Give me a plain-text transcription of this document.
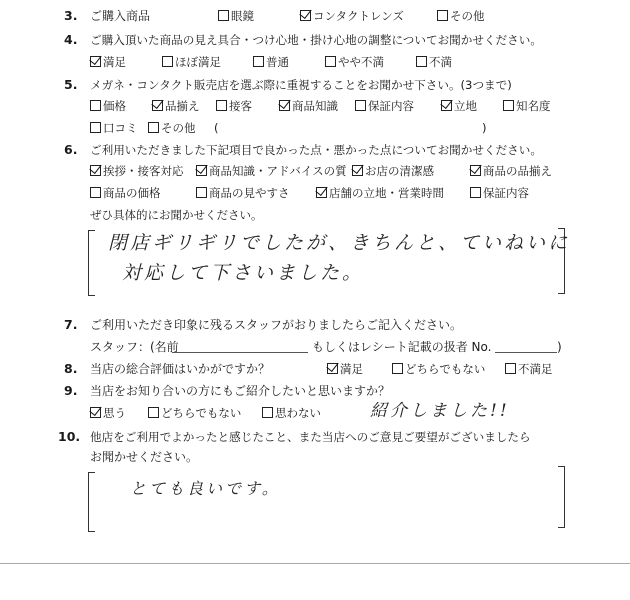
3. ご購入商品	眼鏡	コンタクトレンズ	その他
4. ご購入頂いた商品の見え具合・つけ心地・掛け心地の調整についてお聞かせください。
満足	ほぼ満足	普通	やや不満	不満
5. メガネ・コンタクト販売店を選ぶ際に重視することをお聞かせ下さい。(3つまで)
価格	品揃え	接客	商品知識	保証内容	立地	知名度
口コミ	その他 (	)
6. ご利用いただきました下記項目で良かった点・悪かった点についてお聞かせください。
挨拶・接客対応	商品知識・アドバイスの質	お店の清潔感	商品の品揃え
商品の価格	商品の見やすさ	店舗の立地・営業時間	保証内容
ぜひ具体的にお聞かせください。
閉店ギリギリでしたが、きちんと、ていねいに
対応して下さいました。
7. ご利用いただき印象に残るスタッフがおりましたらご記入ください。
スタッフ：(名前	もしくはレシート記載の扱者 No.	)
8. 当店の総合評価はいかがですか？	満足	どちらでもない	不満足
9. 当店をお知り合いの方にもご紹介したいと思いますか？
思う	どちらでもない	思わない	紹介しました!!
10. 他店をご利用でよかったと感じたこと、また当店へのご意見ご要望がございましたら
お聞かせください。
とても良いです。
